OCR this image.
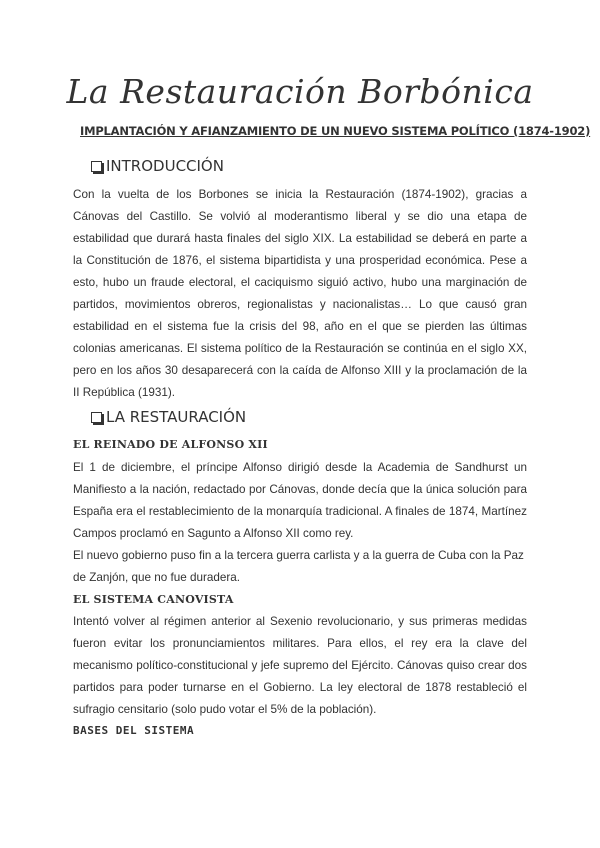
La Restauración Borbónica
IMPLANTACIÓN Y AFIANZAMIENTO DE UN NUEVO SISTEMA POLÍTICO (1874-1902)
INTRODUCCIÓN

Con la vuelta de los Borbones se inicia la Restauración (1874-1902), gracias a Cánovas del Castillo. Se volvió al moderantismo liberal y se dio una etapa de estabilidad que durará hasta finales del siglo XIX. La estabilidad se deberá en parte a la Constitución de 1876, el sistema bipartidista y una prosperidad económica. Pese a esto, hubo un fraude electoral, el caciquismo siguió activo, hubo una marginación de partidos, movimientos obreros, regionalistas y nacionalistas… Lo que causó gran estabilidad en el sistema fue la crisis del 98, año en el que se pierden las últimas colonias americanas. El sistema político de la Restauración se continúa en el siglo XX, pero en los años 30 desaparecerá con la caída de Alfonso XIII y la proclamación de la II República (1931).

LA RESTAURACIÓN
EL REINADO DE ALFONSO XII

El 1 de diciembre, el príncipe Alfonso dirigió desde la Academia de Sandhurst un Manifiesto a la nación, redactado por Cánovas, donde decía que la única solución para España era el restablecimiento de la monarquía tradicional. A finales de 1874, Martínez Campos proclamó en Sagunto a Alfonso XII como rey.

El nuevo gobierno puso fin a la tercera guerra carlista y a la guerra de Cuba con la Paz de Zanjón, que no fue duradera.

EL SISTEMA CANOVISTA

Intentó volver al régimen anterior al Sexenio revolucionario, y sus primeras medidas fueron evitar los pronunciamientos militares. Para ellos, el rey era la clave del mecanismo político-constitucional y jefe supremo del Ejército. Cánovas quiso crear dos partidos para poder turnarse en el Gobierno. La ley electoral de 1878 restableció el sufragio censitario (solo pudo votar el 5% de la población).

BASES DEL SISTEMA
